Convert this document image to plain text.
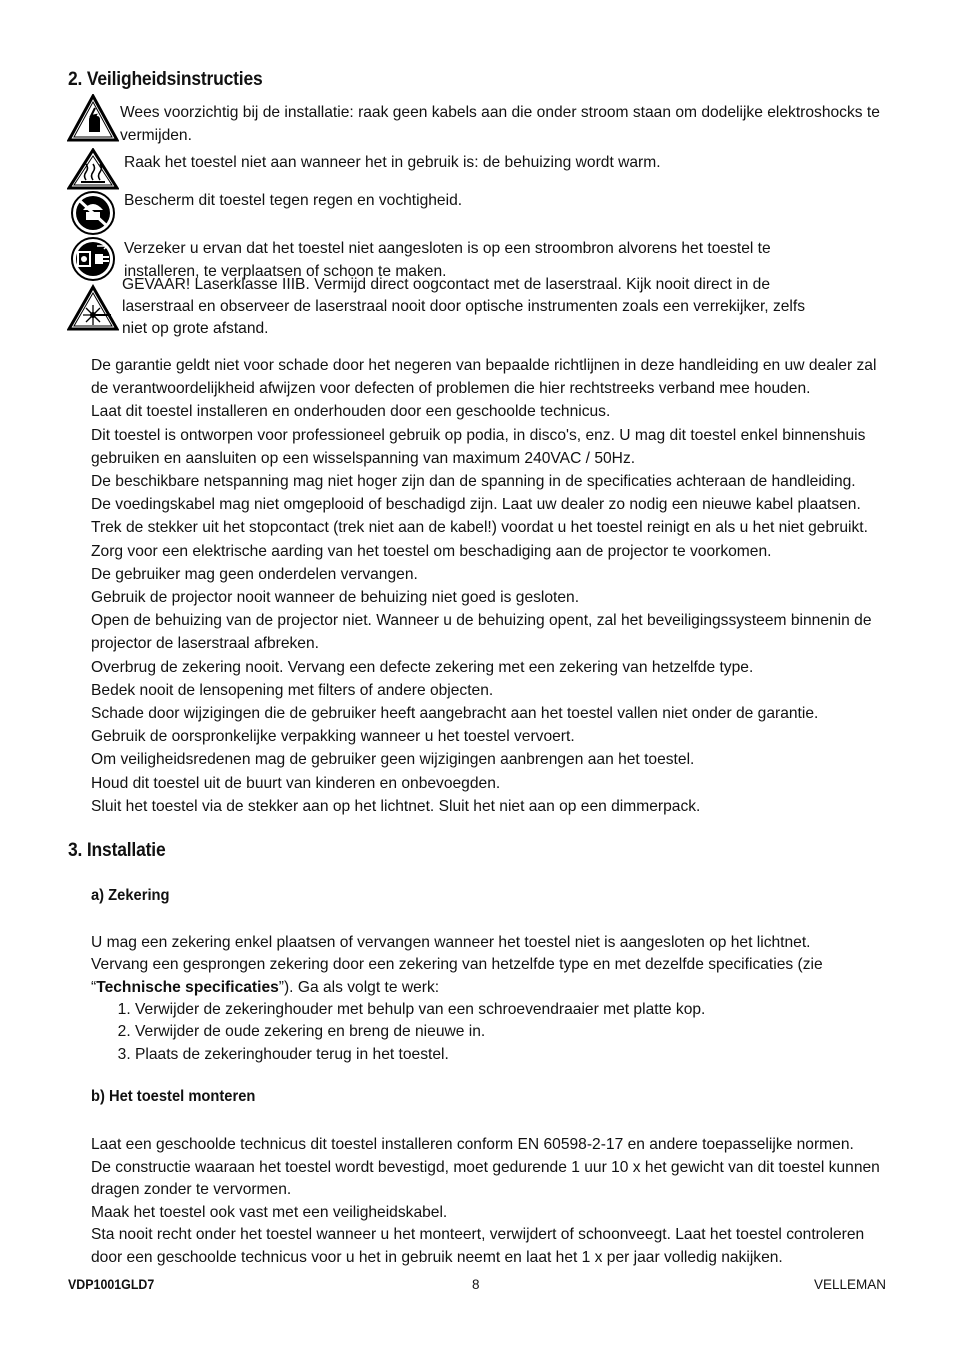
2. Veiligheidsinstructies
Wees voorzichtig bij de installatie: raak geen kabels aan die onder stroom staan om dodelijke elektroshocks te vermijden.
Raak het toestel niet aan wanneer het in gebruik is: de behuizing wordt warm.
Bescherm dit toestel tegen regen en vochtigheid.
Verzeker u ervan dat het toestel niet aangesloten is op een stroombron alvorens het toestel te installeren, te verplaatsen of schoon te maken.
GEVAAR! Laserklasse IIIB. Vermijd direct oogcontact met de laserstraal. Kijk nooit direct in de laserstraal en observeer de laserstraal nooit door optische instrumenten zoals een verrekijker, zelfs niet op grote afstand.

De garantie geldt niet voor schade door het negeren van bepaalde richtlijnen in deze handleiding en uw dealer zal de verantwoordelijkheid afwijzen voor defecten of problemen die hier rechtstreeks verband mee houden.

Laat dit toestel installeren en onderhouden door een geschoolde technicus.

Dit toestel is ontworpen voor professioneel gebruik op podia, in disco's, enz. U mag dit toestel enkel binnenshuis gebruiken en aansluiten op een wisselspanning van maximum 240VAC / 50Hz.

De beschikbare netspanning mag niet hoger zijn dan de spanning in de specificaties achteraan de handleiding.

De voedingskabel mag niet omgeplooid of beschadigd zijn. Laat uw dealer zo nodig een nieuwe kabel plaatsen.

Trek de stekker uit het stopcontact (trek niet aan de kabel!) voordat u het toestel reinigt en als u het niet gebruikt.

Zorg voor een elektrische aarding van het toestel om beschadiging aan de projector te voorkomen.

De gebruiker mag geen onderdelen vervangen.

Gebruik de projector nooit wanneer de behuizing niet goed is gesloten.

Open de behuizing van de projector niet. Wanneer u de behuizing opent, zal het beveiligingssysteem binnenin de projector de laserstraal afbreken.

Overbrug de zekering nooit. Vervang een defecte zekering met een zekering van hetzelfde type.

Bedek nooit de lensopening met filters of andere objecten.

Schade door wijzigingen die de gebruiker heeft aangebracht aan het toestel vallen niet onder de garantie.

Gebruik de oorspronkelijke verpakking wanneer u het toestel vervoert.

Om veiligheidsredenen mag de gebruiker geen wijzigingen aanbrengen aan het toestel.

Houd dit toestel uit de buurt van kinderen en onbevoegden.

Sluit het toestel via de stekker aan op het lichtnet. Sluit het niet aan op een dimmerpack.

3. Installatie
a) Zekering

U mag een zekering enkel plaatsen of vervangen wanneer het toestel niet is aangesloten op het lichtnet.

Vervang een gesprongen zekering door een zekering van hetzelfde type en met dezelfde specificaties (zie “Technische specificaties”). Ga als volgt te werk:

1. Verwijder de zekeringhouder met behulp van een schroevendraaier met platte kop.
2. Verwijder de oude zekering en breng de nieuwe in.
3. Plaats de zekeringhouder terug in het toestel.
b) Het toestel monteren

Laat een geschoolde technicus dit toestel installeren conform EN 60598-2-17 en andere toepasselijke normen.

De constructie waaraan het toestel wordt bevestigd, moet gedurende 1 uur 10 x het gewicht van dit toestel kunnen dragen zonder te vervormen.

Maak het toestel ook vast met een veiligheidskabel.

Sta nooit recht onder het toestel wanneer u het monteert, verwijdert of schoonveegt. Laat het toestel controleren door een geschoolde technicus voor u het in gebruik neemt en laat het 1 x per jaar volledig nakijken.

VDP1001GLD7	8	VELLEMAN
